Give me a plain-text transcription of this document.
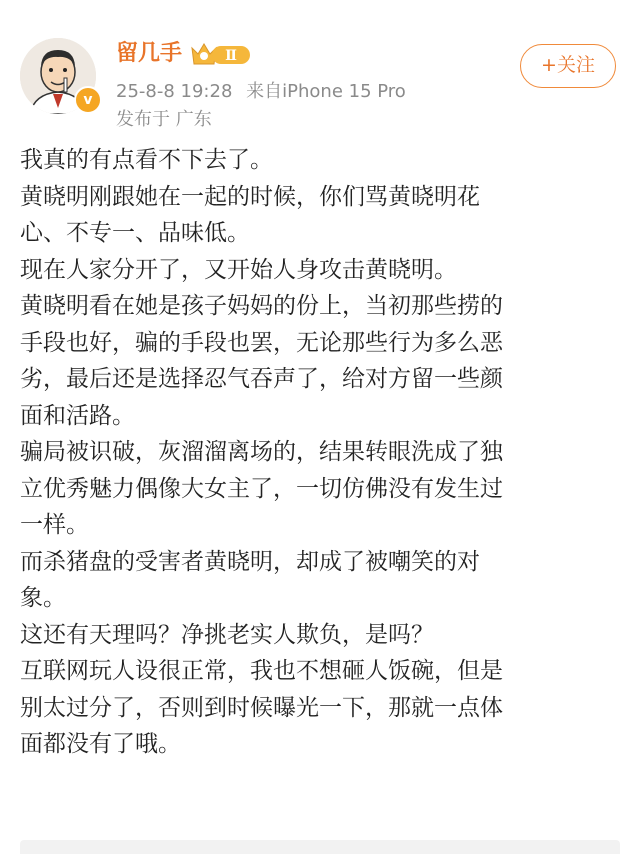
v
留几手	Ⅱ
25-8-8 19:28 来自iPhone 15 Pro
发布于 广东
+关注

我真的有点看不下去了。

黄晓明刚跟她在一起的时候，你们骂黄晓明花

心、不专一、品味低。

现在人家分开了，又开始人身攻击黄晓明。

黄晓明看在她是孩子妈妈的份上，当初那些捞的

手段也好，骗的手段也罢，无论那些行为多么恶

劣，最后还是选择忍气吞声了，给对方留一些颜

面和活路。

骗局被识破，灰溜溜离场的，结果转眼洗成了独

立优秀魅力偶像大女主了，一切仿佛没有发生过

一样。

而杀猪盘的受害者黄晓明，却成了被嘲笑的对

象。

这还有天理吗？净挑老实人欺负，是吗？

互联网玩人设很正常，我也不想砸人饭碗，但是

别太过分了，否则到时候曝光一下，那就一点体

面都没有了哦。
